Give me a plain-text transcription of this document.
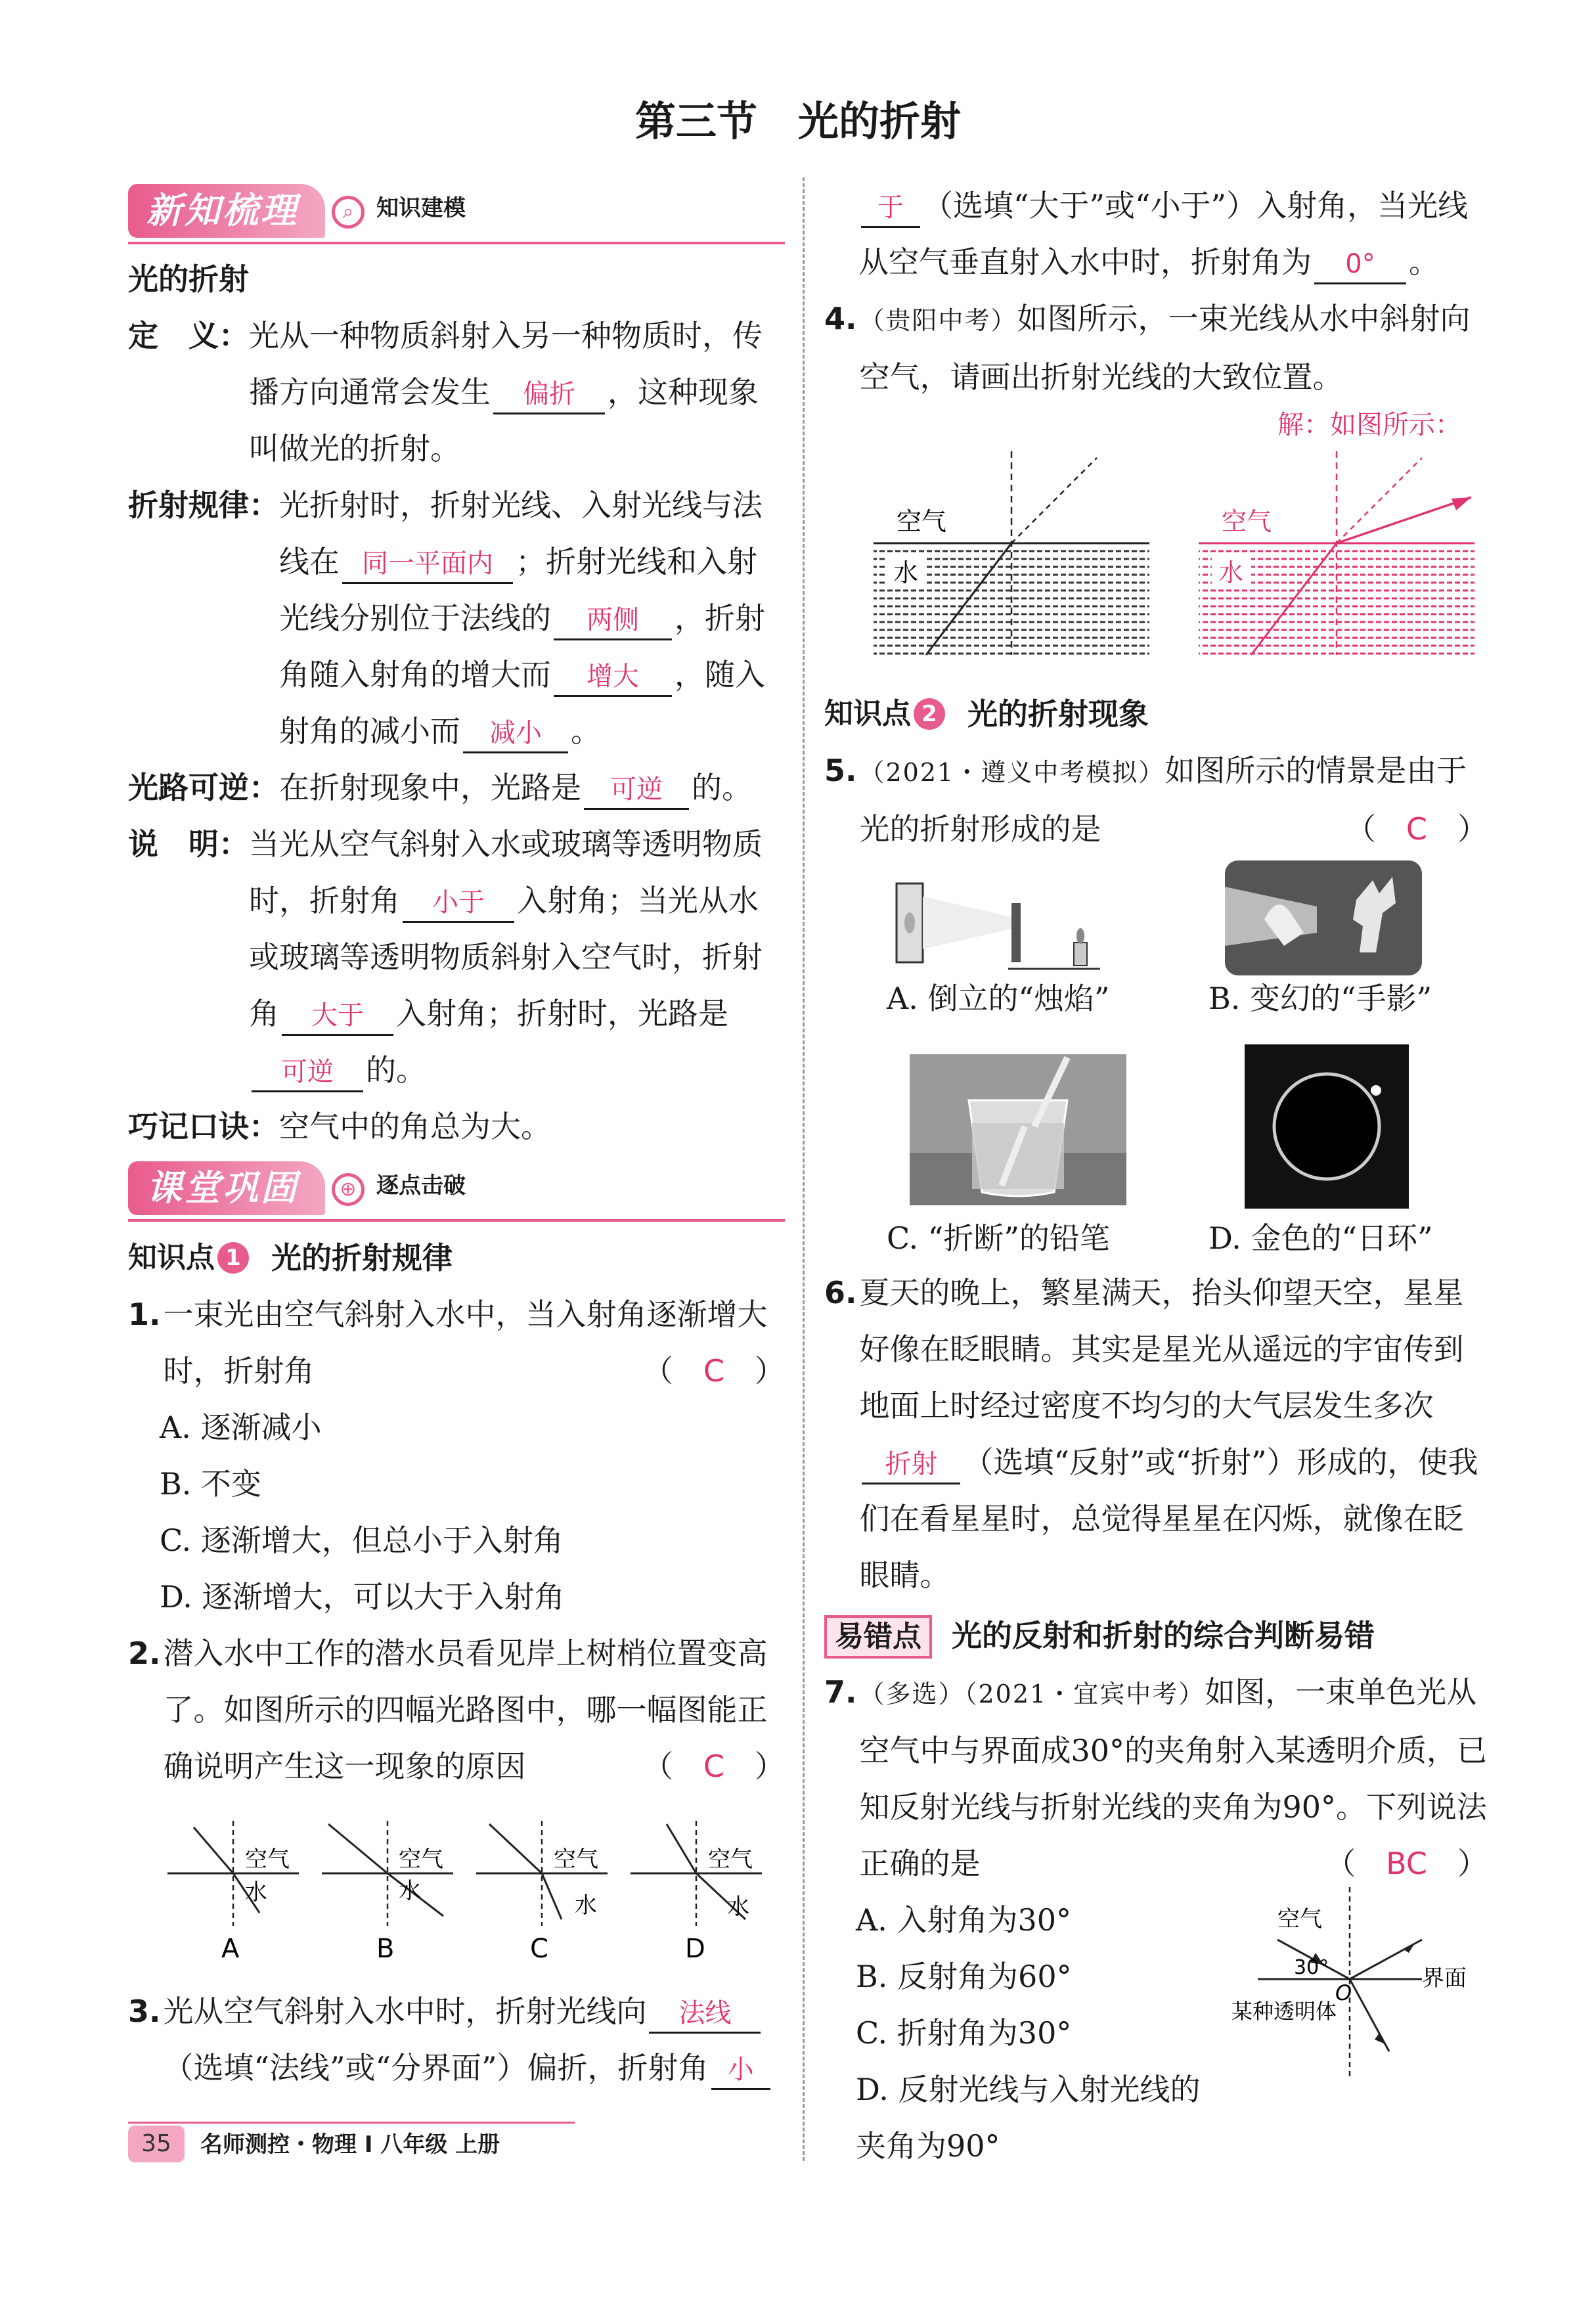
第三节　光的折射
新知梳理	⌕	知识建模
光的折射
定　义： 光从一种物质斜射入另一种物质时，传播方向通常会发生 偏折 ，这种现象叫做光的折射。
折射规律： 光折射时，折射光线、入射光线与法线在 同一平面内 ；折射光线和入射光线分别位于法线的 两侧 ，折射角随入射角的增大而 增大 ，随入射角的减小而 减小 。
光路可逆： 在折射现象中，光路是 可逆 的。
说　明： 当光从空气斜射入水或玻璃等透明物质时，折射角 小于 入射角；当光从水或玻璃等透明物质斜射入空气时，折射角 大于 入射角；折射时，光路是可逆 的。
巧记口诀： 空气中的角总为大。
课堂巩固	⊕ 逐点击破
知识点 1 光的折射规律
1. 一束光由空气斜射入水中，当入射角逐渐增大时，折射角	（　C　）
A. 逐渐减小
B. 不变
C. 逐渐增大，但总小于入射角
D. 逐渐增大，可以大于入射角
2. 潜入水中工作的潜水员看见岸上树梢位置变高了。如图所示的四幅光路图中，哪一幅图能正确说明产生这一现象的原因	（　C　）
空气
水
A
空气
水
B
空气
水
C
空气
水
D
3. 光从空气斜射入水中时，折射光线向 法线（选填“法线”或“分界面”）偏折，折射角 小
于 （选填“大于”或“小于”）入射角，当光线从空气垂直射入水中时，折射角为 0° 。
4. （贵阳中考）如图所示，一束光线从水中斜射向空气，请画出折射光线的大致位置。
解：如图所示：
空气
水
空气
水
知识点 2 光的折射现象
5. （2021・遵义中考模拟）如图所示的情景是由于光的折射形成的是	（　C　）
A. 倒立的“烛焰”	B. 变幻的“手影”
C. “折断”的铅笔	D. 金色的“日环”
6. 夏天的晚上，繁星满天，抬头仰望天空，星星好像在眨眼睛。其实是星光从遥远的宇宙传到地面上时经过密度不均匀的大气层发生多次折射 （选填“反射”或“折射”）形成的，使我们在看星星时，总觉得星星在闪烁，就像在眨眼睛。
易错点 光的反射和折射的综合判断易错
7. （多选）（2021・宜宾中考）如图，一束单色光从空气中与界面成30°的夹角射入某透明介质，已知反射光线与折射光线的夹角为90°。下列说法正确的是	（　BC　）
A. 入射角为30°
B. 反射角为60°
C. 折射角为30°
D. 反射光线与入射光线的夹角为90°
空气
30°
O
界面
某种透明体
35	名师测控・物理 I 八年级 上册
